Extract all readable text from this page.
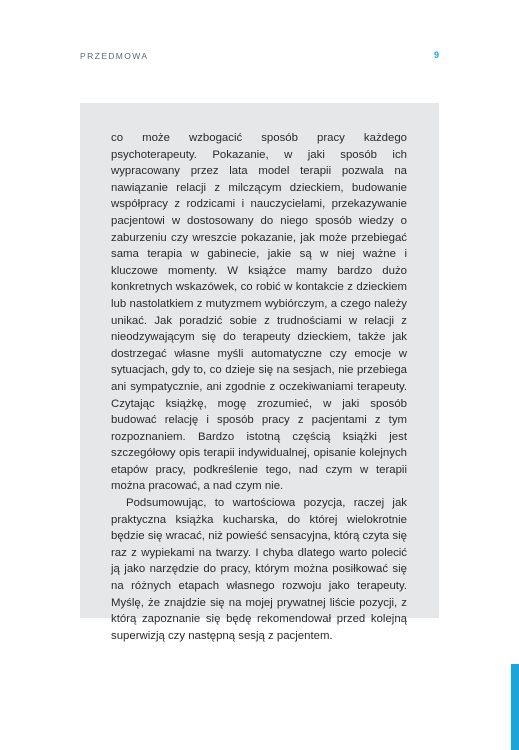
PRZEDMOWA	9

co może wzbogacić sposób pracy każdego psychoterapeuty. Pokazanie, w jaki sposób ich wypracowany przez lata model terapii pozwala na nawiązanie relacji z milczącym dzieckiem, budowanie współpracy z rodzicami i nauczycielami, przekazywanie pacjentowi w dostosowany do niego sposób wiedzy o zaburzeniu czy wreszcie pokazanie, jak może przebiegać sama terapia w gabinecie, jakie są w niej ważne i kluczowe momenty. W książce mamy bardzo dużo konkretnych wskazówek, co robić w kontakcie z dzieckiem lub nastolatkiem z mutyzmem wybiórczym, a czego należy unikać. Jak poradzić sobie z trudnościami w relacji z nieodzywającym się do terapeuty dzieckiem, także jak dostrzegać własne myśli automatyczne czy emocje w sytuacjach, gdy to, co dzieje się na sesjach, nie przebiega ani sympatycznie, ani zgodnie z oczekiwaniami terapeuty. Czytając książkę, mogę zrozumieć, w jaki sposób budować relację i sposób pracy z pacjentami z tym rozpoznaniem. Bardzo istotną częścią książki jest szczegółowy opis terapii indywidualnej, opisanie kolejnych etapów pracy, podkreślenie tego, nad czym w terapii można pracować, a nad czym nie.

Podsumowując, to wartościowa pozycja, raczej jak praktyczna książka kucharska, do której wielokrotnie będzie się wracać, niż powieść sensacyjna, którą czyta się raz z wypiekami na twarzy. I chyba dlatego warto polecić ją jako narzędzie do pracy, którym można posiłkować się na różnych etapach własnego rozwoju jako terapeuty. Myślę, że znajdzie się na mojej prywatnej liście pozycji, z którą zapoznanie się będę rekomendował przed kolejną superwizją czy następną sesją z pacjentem.
